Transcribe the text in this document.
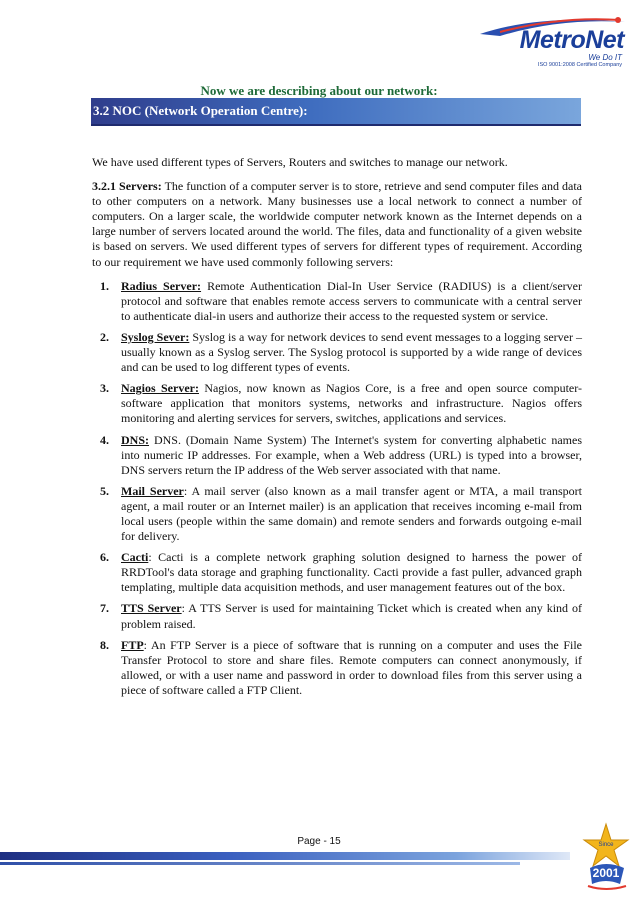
MetroNet
We Do IT
ISO 9001:2008 Certified Company
Now we are describing about our network:
3.2 NOC (Network Operation Centre):

We have used different types of Servers, Routers and switches to manage our network.

3.2.1 Servers: The function of a computer server is to store, retrieve and send computer files and data to other computers on a network. Many businesses use a local network to connect a number of computers. On a larger scale, the worldwide computer network known as the Internet depends on a large number of servers located around the world. The files, data and functionality of a given website is based on servers. We used different types of servers for different types of requirement. According to our requirement we have used commonly following servers:

1. Radius Server: Remote Authentication Dial-In User Service (RADIUS) is a client/server protocol and software that enables remote access servers to communicate with a central server to authenticate dial-in users and authorize their access to the requested system or service.
2. Syslog Sever: Syslog is a way for network devices to send event messages to a logging server – usually known as a Syslog server. The Syslog protocol is supported by a wide range of devices and can be used to log different types of events.
3. Nagios Server: Nagios, now known as Nagios Core, is a free and open source computer-software application that monitors systems, networks and infrastructure. Nagios offers monitoring and alerting services for servers, switches, applications and services.
4. DNS: DNS. (Domain Name System) The Internet's system for converting alphabetic names into numeric IP addresses. For example, when a Web address (URL) is typed into a browser, DNS servers return the IP address of the Web server associated with that name.
5. Mail Server: A mail server (also known as a mail transfer agent or MTA, a mail transport agent, a mail router or an Internet mailer) is an application that receives incoming e-mail from local users (people within the same domain) and remote senders and forwards outgoing e-mail for delivery.
6. Cacti: Cacti is a complete network graphing solution designed to harness the power of RRDTool's data storage and graphing functionality. Cacti provide a fast puller, advanced graph templating, multiple data acquisition methods, and user management features out of the box.
7. TTS Server: A TTS Server is used for maintaining Ticket which is created when any kind of problem raised.
8. FTP: An FTP Server is a piece of software that is running on a computer and uses the File Transfer Protocol to store and share files. Remote computers can connect anonymously, if allowed, or with a user name and password in order to download files from this server using a piece of software called a FTP Client.
Page - 15	Since
2001
